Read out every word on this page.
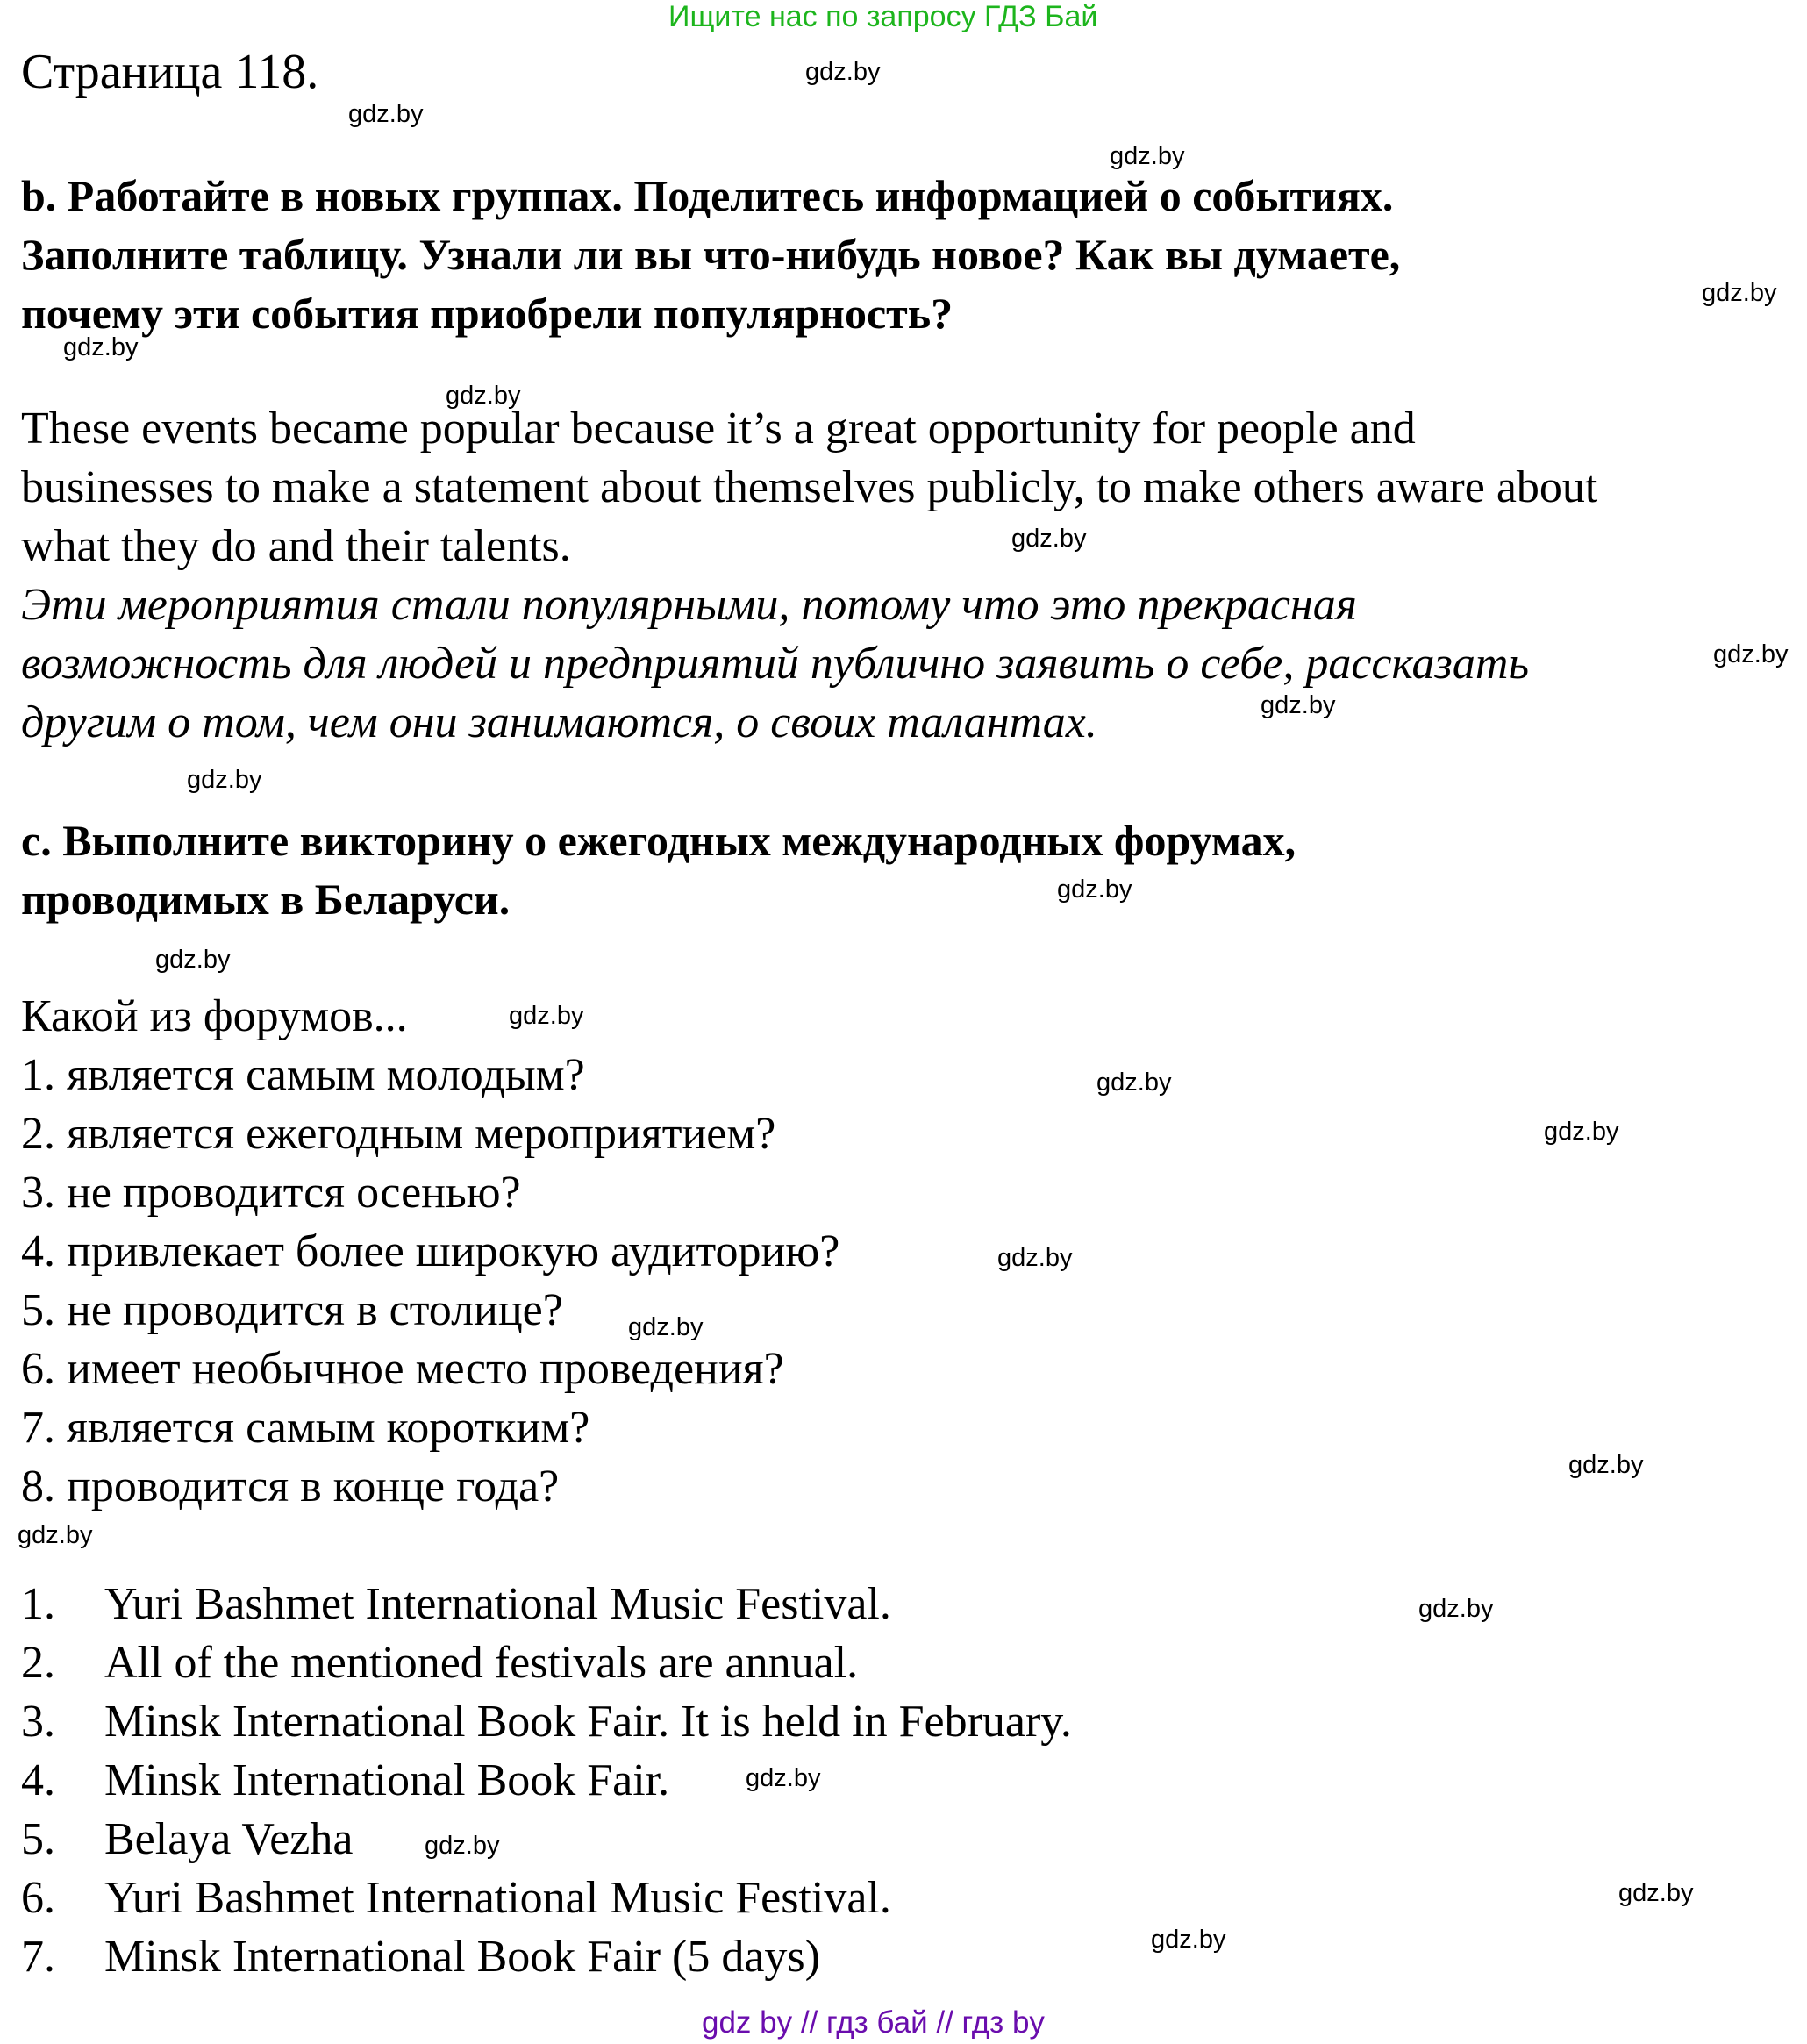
Ищите нас по запросу ГДЗ Бай
Страница 118.
b. Работайте в новых группах. Поделитесь информацией о событиях.
Заполните таблицу. Узнали ли вы что-нибудь новое? Как вы думаете,
почему эти события приобрели популярность?
These events became popular because it’s a great opportunity for people and
businesses to make a statement about themselves publicly, to make others aware about
what they do and their talents.
Эти мероприятия стали популярными, потому что это прекрасная
возможность для людей и предприятий публично заявить о себе, рассказать
другим о том, чем они занимаются, о своих талантах.
c. Выполните викторину о ежегодных международных форумах,
проводимых в Беларуси.
Какой из форумов...
1. является самым молодым?
2. является ежегодным мероприятием?
3. не проводится осенью?
4. привлекает более широкую аудиторию?
5. не проводится в столице?
6. имеет необычное место проведения?
7. является самым коротким?
8. проводится в конце года?
1. Yuri Bashmet International Music Festival.
2. All of the mentioned festivals are annual.
3. Minsk International Book Fair. It is held in February.
4. Minsk International Book Fair.
5. Belaya Vezha
6. Yuri Bashmet International Music Festival.
7. Minsk International Book Fair (5 days)
gdz.by
gdz.by
gdz.by
gdz.by
gdz.by
gdz.by
gdz.by
gdz.by
gdz.by
gdz.by
gdz.by
gdz.by
gdz.by
gdz.by
gdz.by
gdz.by
gdz.by
gdz.by
gdz.by
gdz.by
gdz.by
gdz.by
gdz.by
gdz.by
gdz by // гдз бай // гдз by
